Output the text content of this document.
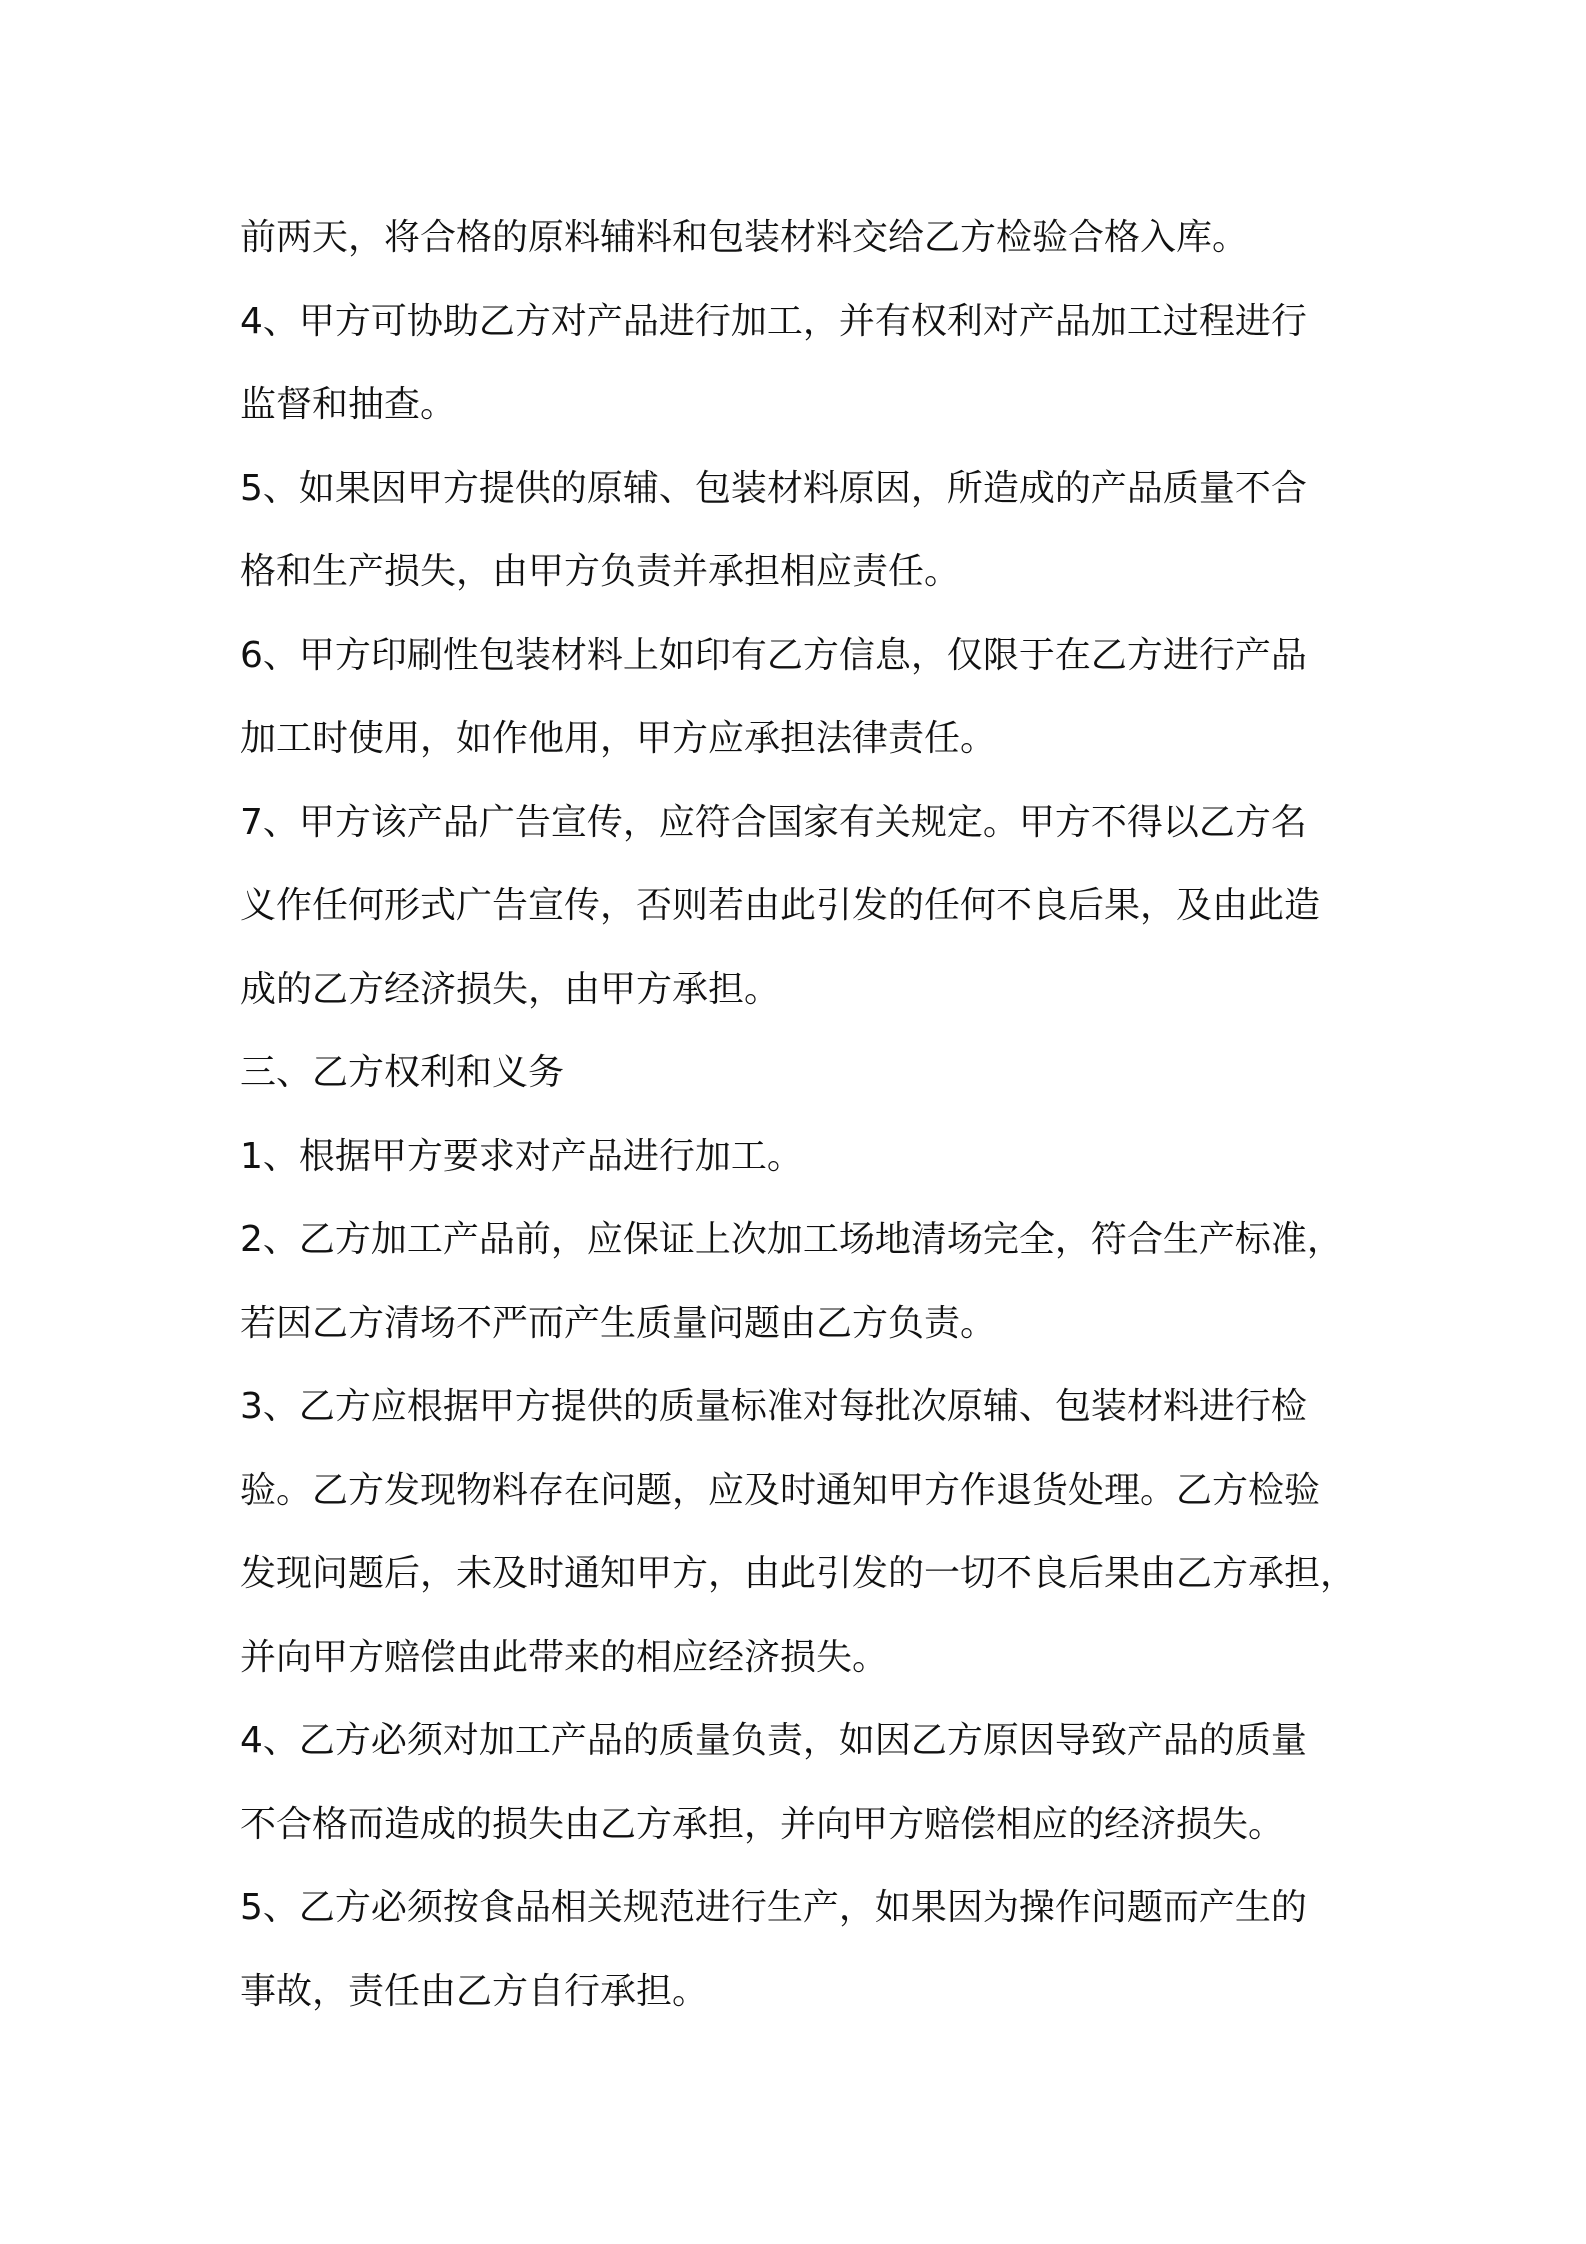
前两天，将合格的原料辅料和包装材料交给乙方检验合格入库。
4、甲方可协助乙方对产品进行加工，并有权利对产品加工过程进行
监督和抽查。
5、如果因甲方提供的原辅、包装材料原因，所造成的产品质量不合
格和生产损失，由甲方负责并承担相应责任。
6、甲方印刷性包装材料上如印有乙方信息，仅限于在乙方进行产品
加工时使用，如作他用，甲方应承担法律责任。
7、甲方该产品广告宣传，应符合国家有关规定。甲方不得以乙方名
义作任何形式广告宣传，否则若由此引发的任何不良后果，及由此造
成的乙方经济损失，由甲方承担。
三、乙方权利和义务
1、根据甲方要求对产品进行加工。
2、乙方加工产品前，应保证上次加工场地清场完全，符合生产标准，
若因乙方清场不严而产生质量问题由乙方负责。
3、乙方应根据甲方提供的质量标准对每批次原辅、包装材料进行检
验。乙方发现物料存在问题，应及时通知甲方作退货处理。乙方检验
发现问题后，未及时通知甲方，由此引发的一切不良后果由乙方承担，
并向甲方赔偿由此带来的相应经济损失。
4、乙方必须对加工产品的质量负责，如因乙方原因导致产品的质量
不合格而造成的损失由乙方承担，并向甲方赔偿相应的经济损失。
5、乙方必须按食品相关规范进行生产，如果因为操作问题而产生的
事故，责任由乙方自行承担。
